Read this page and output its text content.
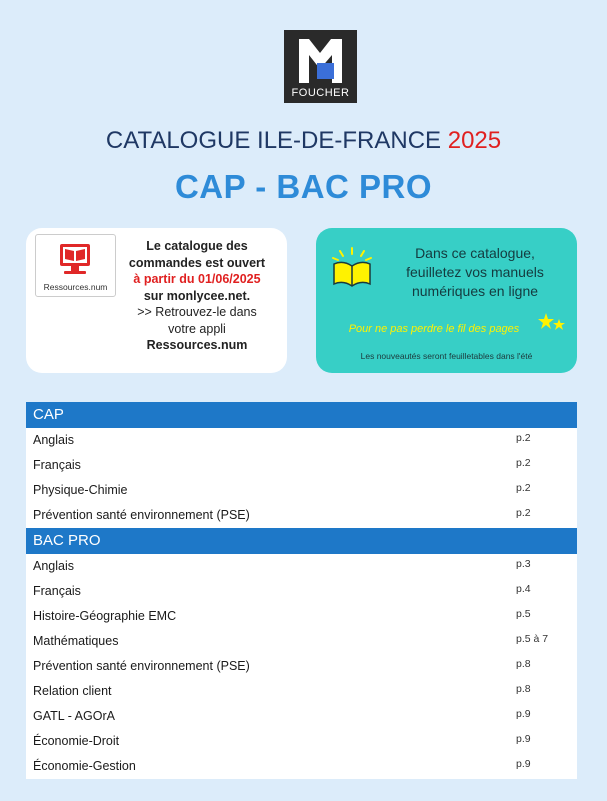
FOUCHER
CATALOGUE ILE-DE-FRANCE 2025
CAP - BAC PRO
Ressources.num
Le catalogue des
commandes est ouvert
à partir du 01/06/2025
sur monlycee.net.
>> Retrouvez-le dans
votre appli
Ressources.num
Dans ce catalogue,
feuilletez vos manuels
numériques en ligne
Pour ne pas perdre le fil des pages
Les nouveautés seront feuilletables dans l'été
CAP
Anglais	p.2
Français	p.2
Physique-Chimie	p.2
Prévention santé environnement (PSE)	p.2
BAC PRO
Anglais	p.3
Français	p.4
Histoire-Géographie EMC	p.5
Mathématiques	p.5 à 7
Prévention santé environnement (PSE)	p.8
Relation client	p.8
GATL - AGOrA	p.9
Économie-Droit	p.9
Économie-Gestion	p.9
